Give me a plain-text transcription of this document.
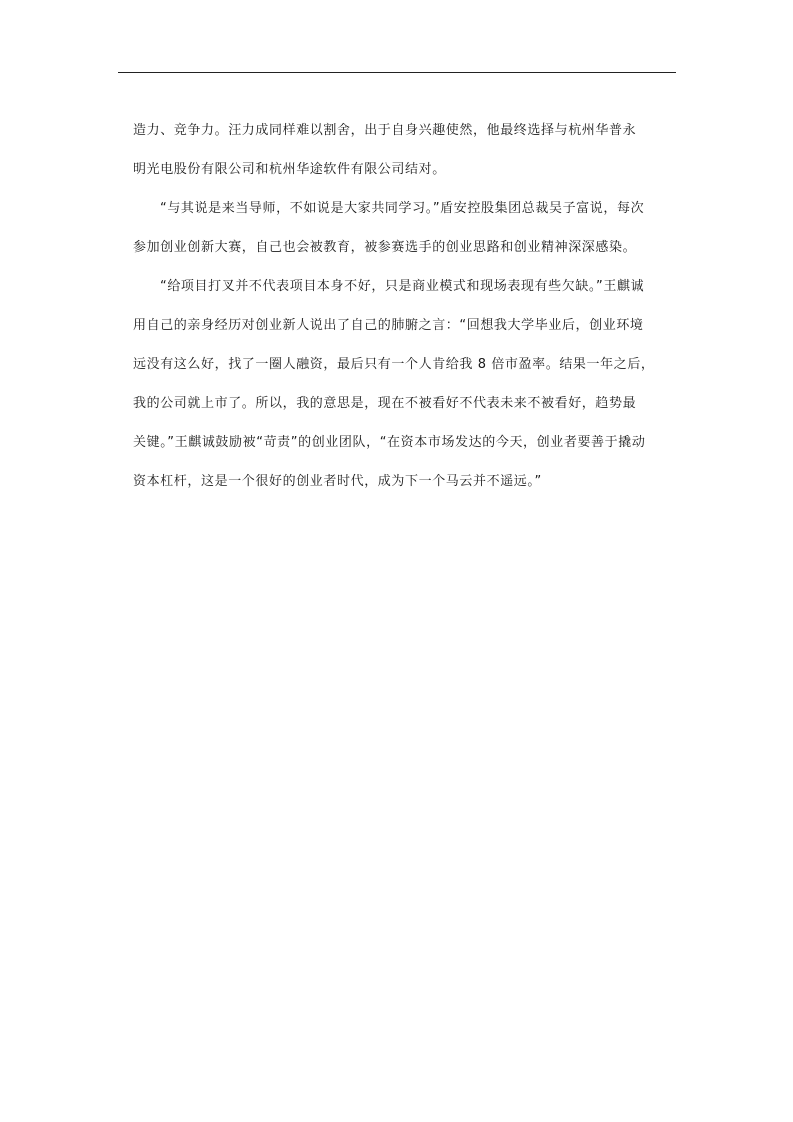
造力、竞争力。汪力成同样难以割舍，出于自身兴趣使然，他最终选择与杭州华普永
明光电股份有限公司和杭州华途软件有限公司结对。
“与其说是来当导师，不如说是大家共同学习。”盾安控股集团总裁吴子富说，每次
参加创业创新大赛，自己也会被教育，被参赛选手的创业思路和创业精神深深感染。
“给项目打叉并不代表项目本身不好，只是商业模式和现场表现有些欠缺。”王麒诚
用自己的亲身经历对创业新人说出了自己的肺腑之言：“回想我大学毕业后，创业环境
远没有这么好，找了一圈人融资，最后只有一个人肯给我 8 倍市盈率。结果一年之后，
我的公司就上市了。所以，我的意思是，现在不被看好不代表未来不被看好，趋势最
关键。”王麒诚鼓励被“苛责”的创业团队，“在资本市场发达的今天，创业者要善于撬动
资本杠杆，这是一个很好的创业者时代，成为下一个马云并不遥远。”
